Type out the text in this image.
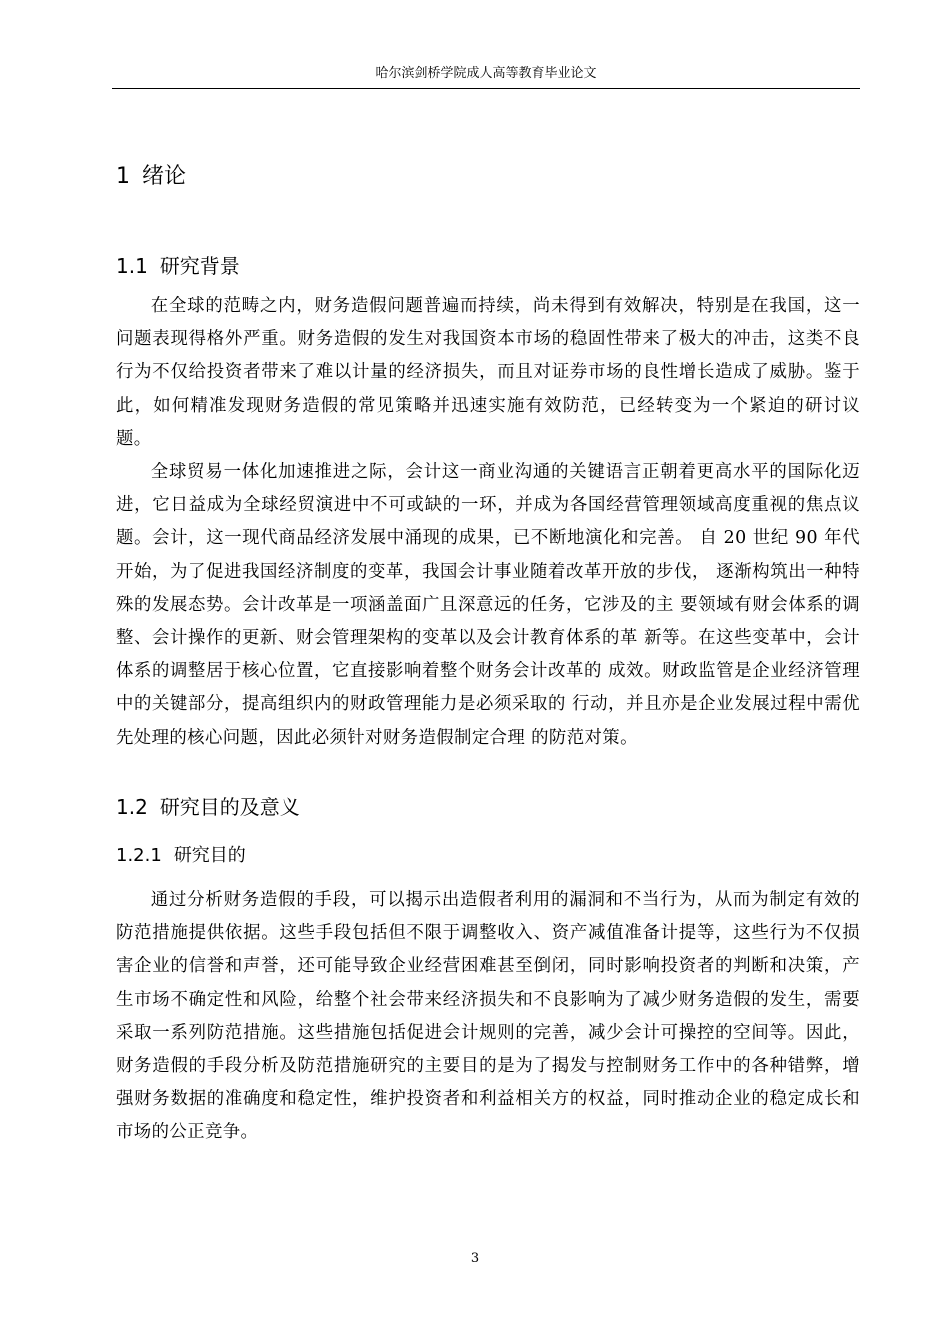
哈尔滨剑桥学院成人高等教育毕业论文
1 绪论
1.1 研究背景

在全球的范畴之内，财务造假问题普遍而持续，尚未得到有效解决，特别是在我国，这一问题表现得格外严重。财务造假的发生对我国资本市场的稳固性带来了极大的冲击，这类不良行为不仅给投资者带来了难以计量的经济损失，而且对证券市场的良性增长造成了威胁。鉴于此，如何精准发现财务造假的常见策略并迅速实施有效防范，已经转变为一个紧迫的研讨议题。

全球贸易一体化加速推进之际，会计这一商业沟通的关键语言正朝着更高水平的国际化迈进，它日益成为全球经贸演进中不可或缺的一环，并成为各国经营管理领域高度重视的焦点议题。会计，这一现代商品经济发展中涌现的成果，已不断地演化和完善。 自 20 世纪 90 年代开始，为了促进我国经济制度的变革，我国会计事业随着改革开放的步伐， 逐渐构筑出一种特殊的发展态势。会计改革是一项涵盖面广且深意远的任务，它涉及的主 要领域有财会体系的调整、会计操作的更新、财会管理架构的变革以及会计教育体系的革 新等。在这些变革中，会计体系的调整居于核心位置，它直接影响着整个财务会计改革的 成效。财政监管是企业经济管理中的关键部分，提高组织内的财政管理能力是必须采取的 行动，并且亦是企业发展过程中需优先处理的核心问题，因此必须针对财务造假制定合理 的防范对策。

1.2 研究目的及意义
1.2.1 研究目的

通过分析财务造假的手段，可以揭示出造假者利用的漏洞和不当行为，从而为制定有效的防范措施提供依据。这些手段包括但不限于调整收入、资产减值准备计提等，这些行为不仅损害企业的信誉和声誉，还可能导致企业经营困难甚至倒闭，同时影响投资者的判断和决策，产生市场不确定性和风险，给整个社会带来经济损失和不良影响为了减少财务造假的发生，需要采取一系列防范措施。这些措施包括促进会计规则的完善，减少会计可操控的空间等。因此，财务造假的手段分析及防范措施研究的主要目的是为了揭发与控制财务工作中的各种错弊，增强财务数据的准确度和稳定性，维护投资者和利益相关方的权益，同时推动企业的稳定成长和市场的公正竞争。

3
